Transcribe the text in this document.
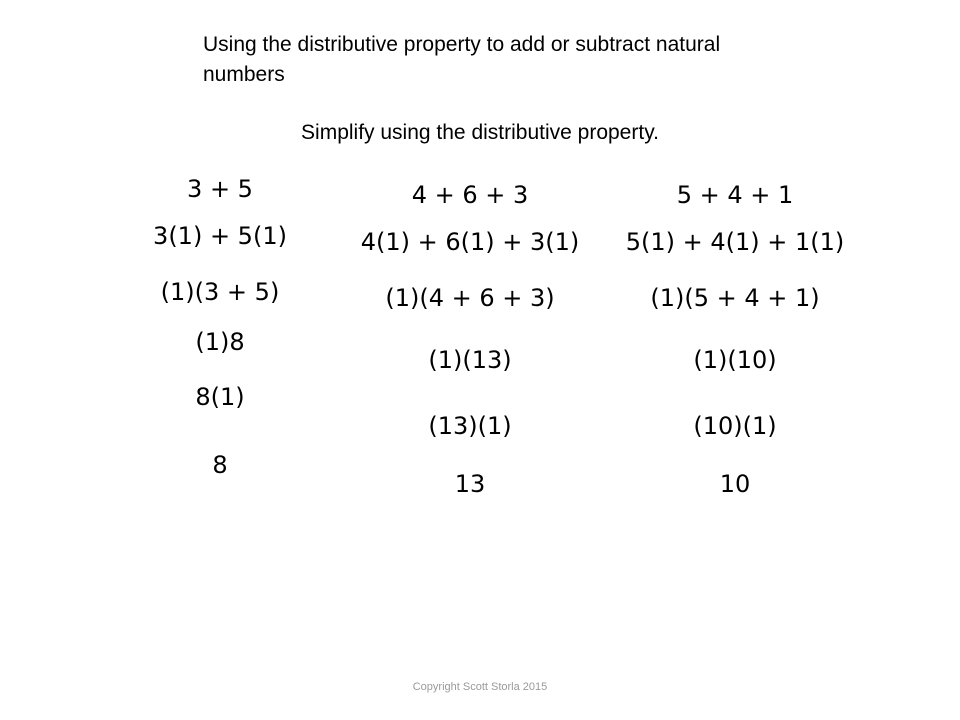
Using the distributive property to add or subtract natural numbers

Simplify using the distributive property.

3 + 5
3(1) + 5(1)
(1)(3 + 5)
(1)8
8(1)
8
4 + 6 + 3
4(1) + 6(1) + 3(1)
(1)(4 + 6 + 3)
(1)(13)
(13)(1)
13
5 + 4 + 1
5(1) + 4(1) + 1(1)
(1)(5 + 4 + 1)
(1)(10)
(10)(1)
10
Copyright Scott Storla 2015
